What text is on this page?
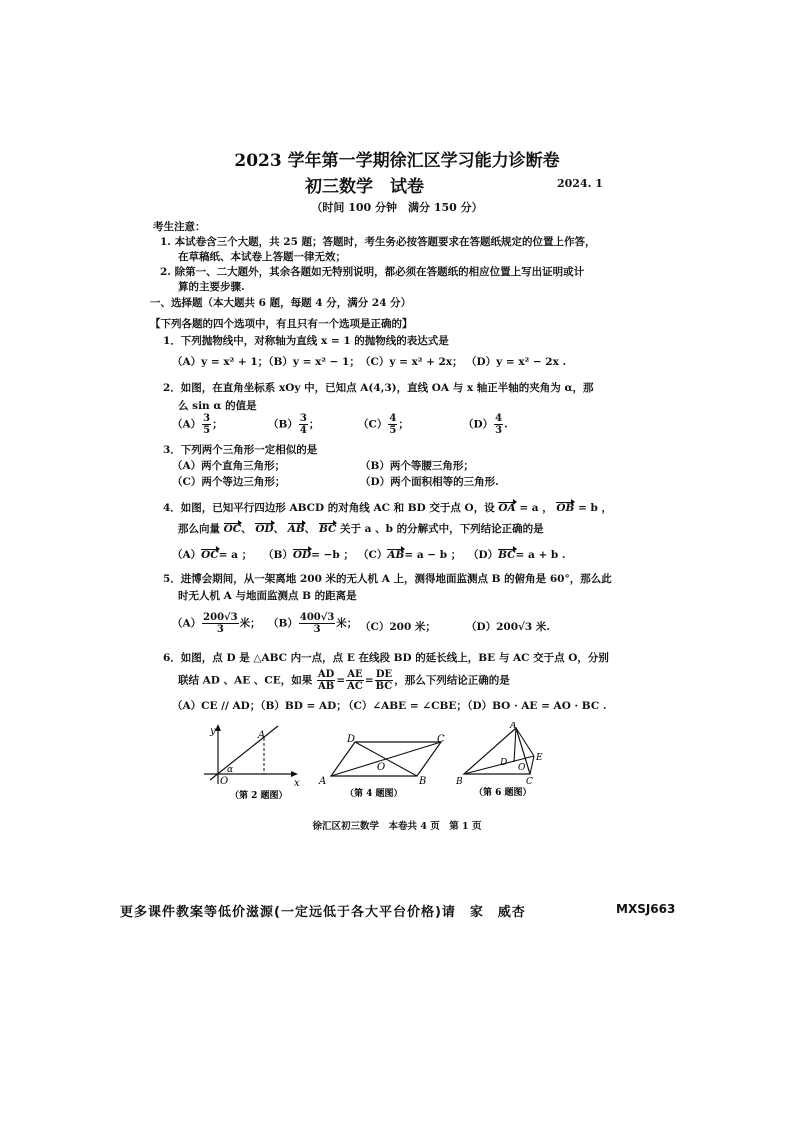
2023 学年第一学期徐汇区学习能力诊断卷
初三数学　试卷	2024. 1
（时间 100 分钟　满分 150 分）
考生注意：
1. 本试卷含三个大题，共 25 题；答题时，考生务必按答题要求在答题纸规定的位置上作答，
在草稿纸、本试卷上答题一律无效；
2. 除第一、二大题外，其余各题如无特别说明，都必须在答题纸的相应位置上写出证明或计
算的主要步骤.
一、选择题（本大题共 6 题，每题 4 分，满分 24 分）
【下列各题的四个选项中，有且只有一个选项是正确的】
1．下列抛物线中，对称轴为直线 x = 1 的抛物线的表达式是
（A）y = x² + 1；
（B）y = x² − 1； （C）y = x² + 2x； （D）y = x² − 2x .
2．如图，在直角坐标系 xOy 中，已知点 A(4,3)，直线 OA 与 x 轴正半轴的夹角为 α，那
么 sin α 的值是
$(A) \frac{3}{5}$ ；	$(B) \frac{3}{4}$ ；	$(C) \frac{4}{5}$ ；	$(D) \frac{4}{3}$ .
3．下列两个三角形一定相似的是
（A）两个直角三角形；	（B）两个等腰三角形；
（C）两个等边三角形；	（D）两个面积相等的三角形.
4．如图，已知平行四边形 ABCD 的对角线 AC 和 BD 交于点 O，设 OA = a ， OB = b ，
那么向量 OC、 OD、 AB、 BC 关于 a 、b 的分解式中，下列结论正确的是
（A）OC= a ； （B）OD= −b ； （C）AB= a − b ； （D）BC= a + b .
5．进博会期间，从一架离地 200 米的无人机 A 上，测得地面监测点 B 的俯角是 60°，那么此
时无人机 A 与地面监测点 B 的距离是
$(A) \frac{200√3}{3}$ 米； $(B) \frac{400√3}{3}$ 米； （C）200 米；	（D）200√3 米.
6．如图，点 D 是 △ABC 内一点，点 E 在线段 BD 的延长线上，BE 与 AC 交于点 O，分别
联结 AD 、AE 、CE，如果 $\frac{AD}{AB} = \frac{AE}{AC} = \frac{DE}{BC}$ ，那么下列结论正确的是
（A）CE // AD；
（B）BD = AD；
（C）∠ABE = ∠CBE；
（D）BO · AE = AO · BC .
y	A
α
O	x
（第 2 题图）
D	C
O
A	B
（第 4 题图）
A
D O
E
B	C
（第 6 题图）
徐汇区初三数学　本卷共 4 页　第 1 页
更多课件教案等低价滋源(一定远低于各大平台价格)请　家　威杏	MXSJ663
